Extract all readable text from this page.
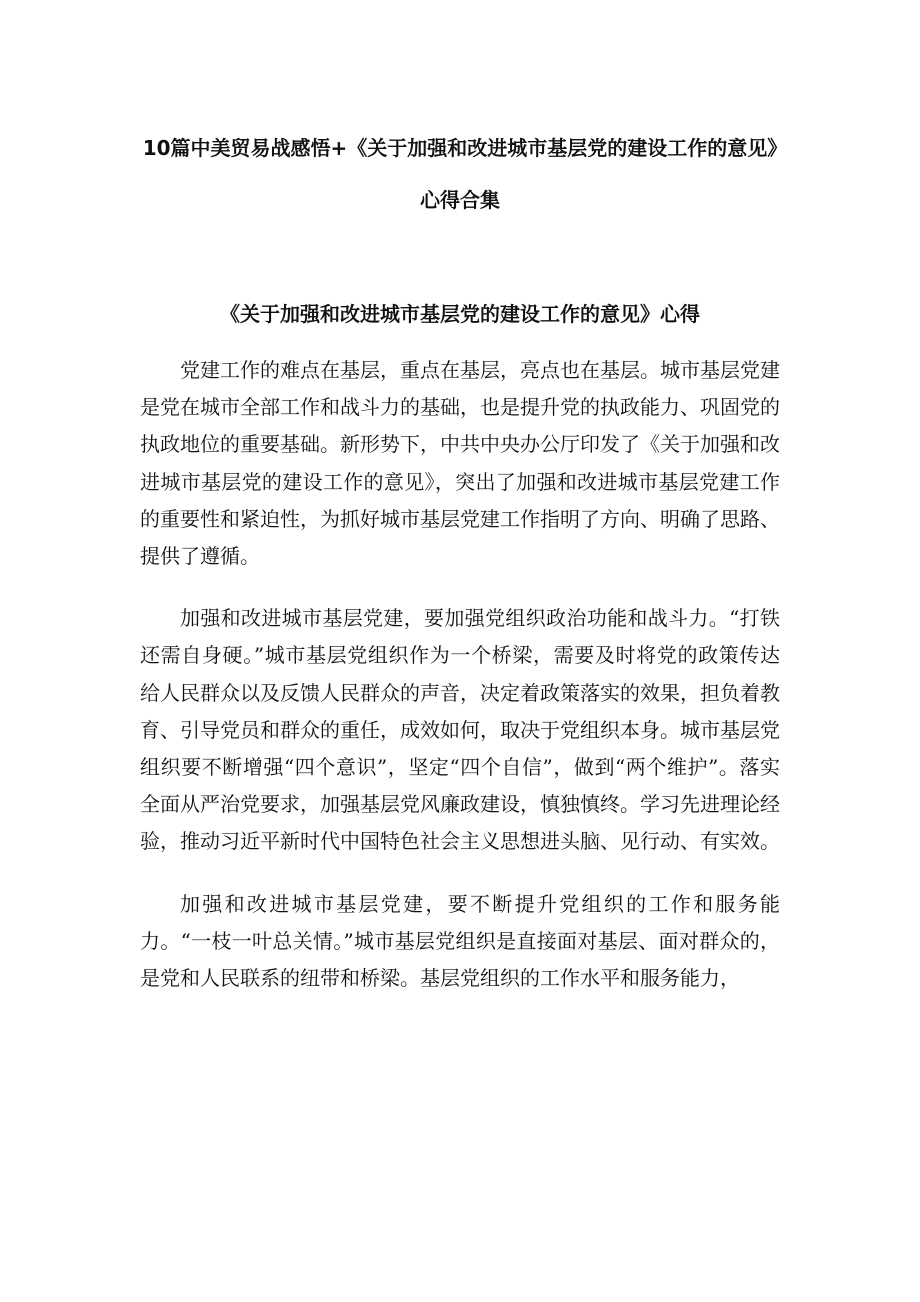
10篇中美贸易战感悟+《关于加强和改进城市基层党的建设工作的意见》心得合集
《关于加强和改进城市基层党的建设工作的意见》心得

党建工作的难点在基层，重点在基层，亮点也在基层。城市基层党建是党在城市全部工作和战斗力的基础，也是提升党的执政能力、巩固党的执政地位的重要基础。新形势下，中共中央办公厅印发了《关于加强和改进城市基层党的建设工作的意见》，突出了加强和改进城市基层党建工作的重要性和紧迫性，为抓好城市基层党建工作指明了方向、明确了思路、提供了遵循。

加强和改进城市基层党建，要加强党组织政治功能和战斗力。“打铁还需自身硬。”城市基层党组织作为一个桥梁，需要及时将党的政策传达给人民群众以及反馈人民群众的声音，决定着政策落实的效果，担负着教育、引导党员和群众的重任，成效如何，取决于党组织本身。城市基层党组织要不断增强“四个意识”，坚定“四个自信”，做到“两个维护”。落实全面从严治党要求，加强基层党风廉政建设，慎独慎终。学习先进理论经验，推动习近平新时代中国特色社会主义思想进头脑、见行动、有实效。

加强和改进城市基层党建，要不断提升党组织的工作和服务能力。“一枝一叶总关情。”城市基层党组织是直接面对基层、面对群众的，是党和人民联系的纽带和桥梁。基层党组织的工作水平和服务能力，
